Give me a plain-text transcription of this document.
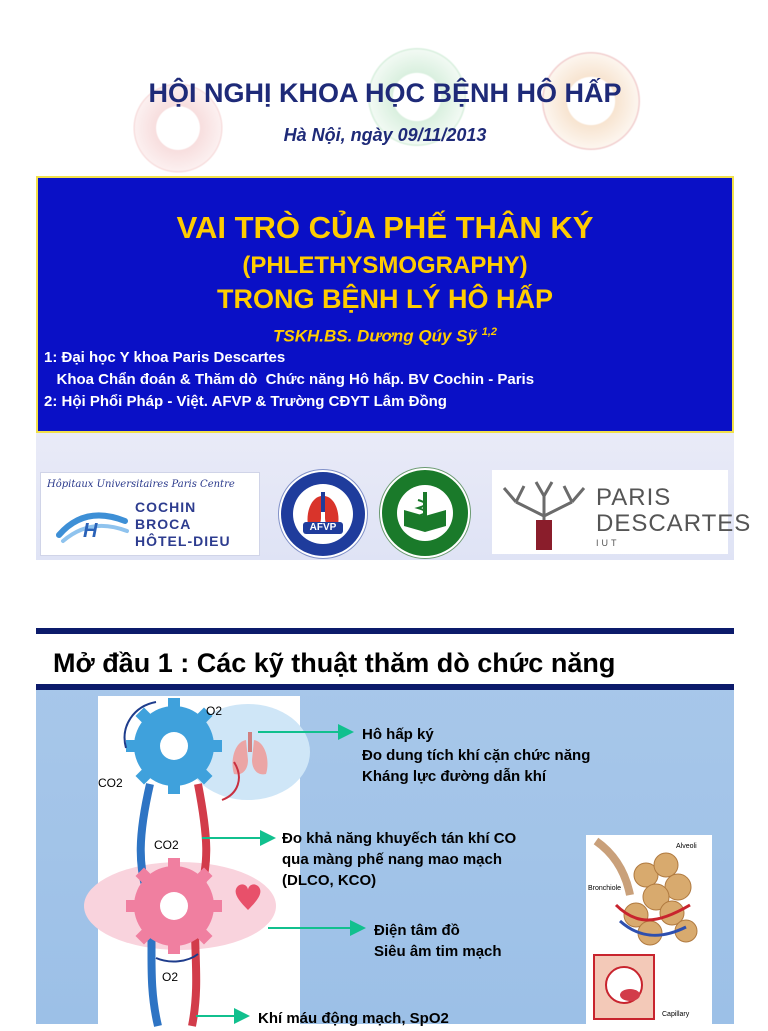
HỘI NGHỊ KHOA HỌC BỆNH HÔ HẤP
Hà Nội, ngày 09/11/2013
VAI TRÒ CỦA PHẾ THÂN KÝ
(PHLETHYSMOGRAPHY)
TRONG BỆNH LÝ HÔ HẤP
TSKH.BS. Dương Qúy Sỹ $^{1,2}$
1: Đại học Y khoa Paris Descartes
Khoa Chẩn đoán & Thăm dò  Chức năng Hô hấp. BV Cochin - Paris
2: Hội Phổi Pháp - Việt. AFVP & Trường CĐYT Lâm Đồng
Hôpitaux Universitaires Paris Centre
H
COCHIN
BROCA
HÔTEL-DIEU
AFVP
PARIS
DESCARTES
IUT
Mở đầu 1 : Các kỹ thuật thăm dò chức năng
O2
CO2
CO2
O2
Hô hấp ký
Đo dung tích khí cặn chức năng
Kháng lực đường dẫn khí
Đo khả năng khuyếch tán khí CO
qua màng phế nang mao mạch
(DLCO, KCO)
Điện tâm đồ
Siêu âm tim mạch
Khí máu động mạch, SpO2
Alveoli
Bronchiole
Capillary
